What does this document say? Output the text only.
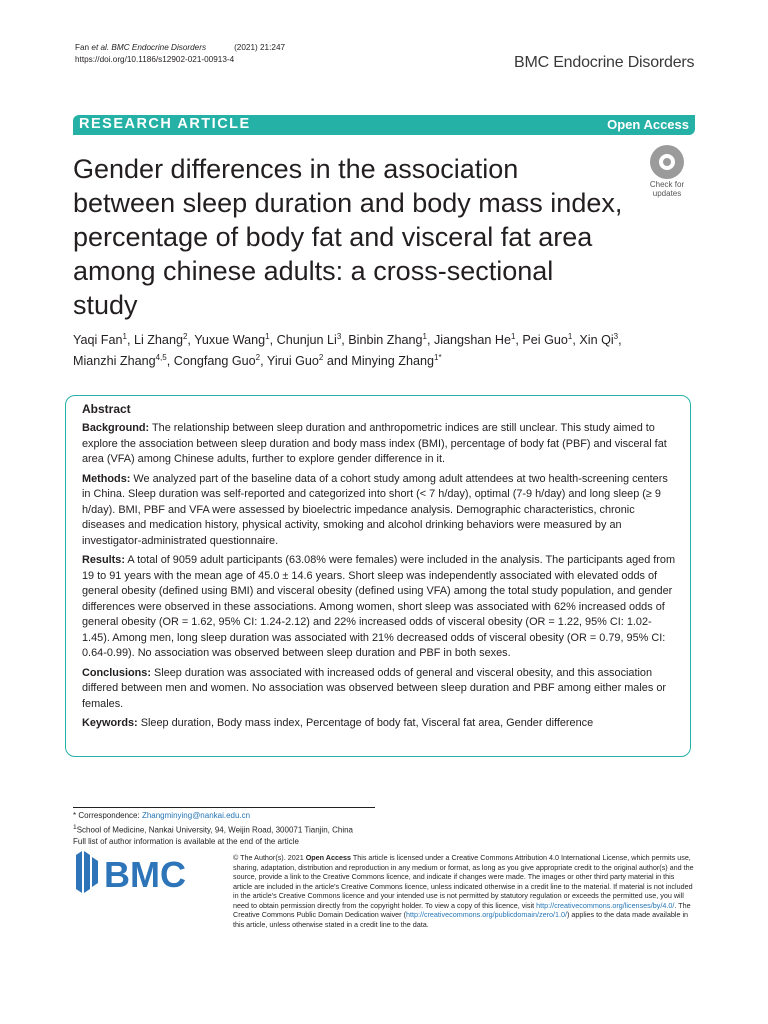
Fan et al. BMC Endocrine Disorders	(2021) 21:247
https://doi.org/10.1186/s12902-021-00913-4	BMC Endocrine Disorders
RESEARCH ARTICLE	Open Access
Gender differences in the association between sleep duration and body mass index, percentage of body fat and visceral fat area among chinese adults: a cross-sectional study
Check for
updates
Yaqi Fan$^1$, Li Zhang$^2$, Yuxue Wang$^1$, Chunjun Li$^3$, Binbin Zhang$^1$, Jiangshan He$^1$, Pei Guo$^1$, Xin Qi$^3$,
Mianzhi Zhang$^{4,5}$, Congfang Guo$^2$, Yirui Guo$^2$ and Minying Zhang$^{1*}$
Abstract

Background: The relationship between sleep duration and anthropometric indices are still unclear. This study aimed to explore the association between sleep duration and body mass index (BMI), percentage of body fat (PBF) and visceral fat area (VFA) among Chinese adults, further to explore gender difference in it.

Methods: We analyzed part of the baseline data of a cohort study among adult attendees at two health-screening centers in China. Sleep duration was self-reported and categorized into short (< 7 h/day), optimal (7-9 h/day) and long sleep (≥ 9 h/day). BMI, PBF and VFA were assessed by bioelectric impedance analysis. Demographic characteristics, chronic diseases and medication history, physical activity, smoking and alcohol drinking behaviors were measured by an investigator-administrated questionnaire.

Results: A total of 9059 adult participants (63.08% were females) were included in the analysis. The participants aged from 19 to 91 years with the mean age of 45.0 ± 14.6 years. Short sleep was independently associated with elevated odds of general obesity (defined using BMI) and visceral obesity (defined using VFA) among the total study population, and gender differences were observed in these associations. Among women, short sleep was associated with 62% increased odds of general obesity (OR = 1.62, 95% CI: 1.24-2.12) and 22% increased odds of visceral obesity (OR = 1.22, 95% CI: 1.02-1.45). Among men, long sleep duration was associated with 21% decreased odds of visceral obesity (OR = 0.79, 95% CI: 0.64-0.99). No association was observed between sleep duration and PBF in both sexes.

Conclusions: Sleep duration was associated with increased odds of general and visceral obesity, and this association differed between men and women. No association was observed between sleep duration and PBF among either males or females.

Keywords: Sleep duration, Body mass index, Percentage of body fat, Visceral fat area, Gender difference

* Correspondence: Zhangminying@nankai.edu.cn
$^1$School of Medicine, Nankai University, 94, Weijin Road, 300071 Tianjin, China
Full list of author information is available at the end of the article
BMC	© The Author(s). 2021 Open Access This article is licensed under a Creative Commons Attribution 4.0 International License, which permits use, sharing, adaptation, distribution and reproduction in any medium or format, as long as you give appropriate credit to the original author(s) and the source, provide a link to the Creative Commons licence, and indicate if changes were made. The images or other third party material in this article are included in the article's Creative Commons licence, unless indicated otherwise in a credit line to the material. If material is not included in the article's Creative Commons licence and your intended use is not permitted by statutory regulation or exceeds the permitted use, you will need to obtain permission directly from the copyright holder. To view a copy of this licence, visit http://creativecommons.org/licenses/by/4.0/. The Creative Commons Public Domain Dedication waiver (http://creativecommons.org/publicdomain/zero/1.0/) applies to the data made available in this article, unless otherwise stated in a credit line to the data.
